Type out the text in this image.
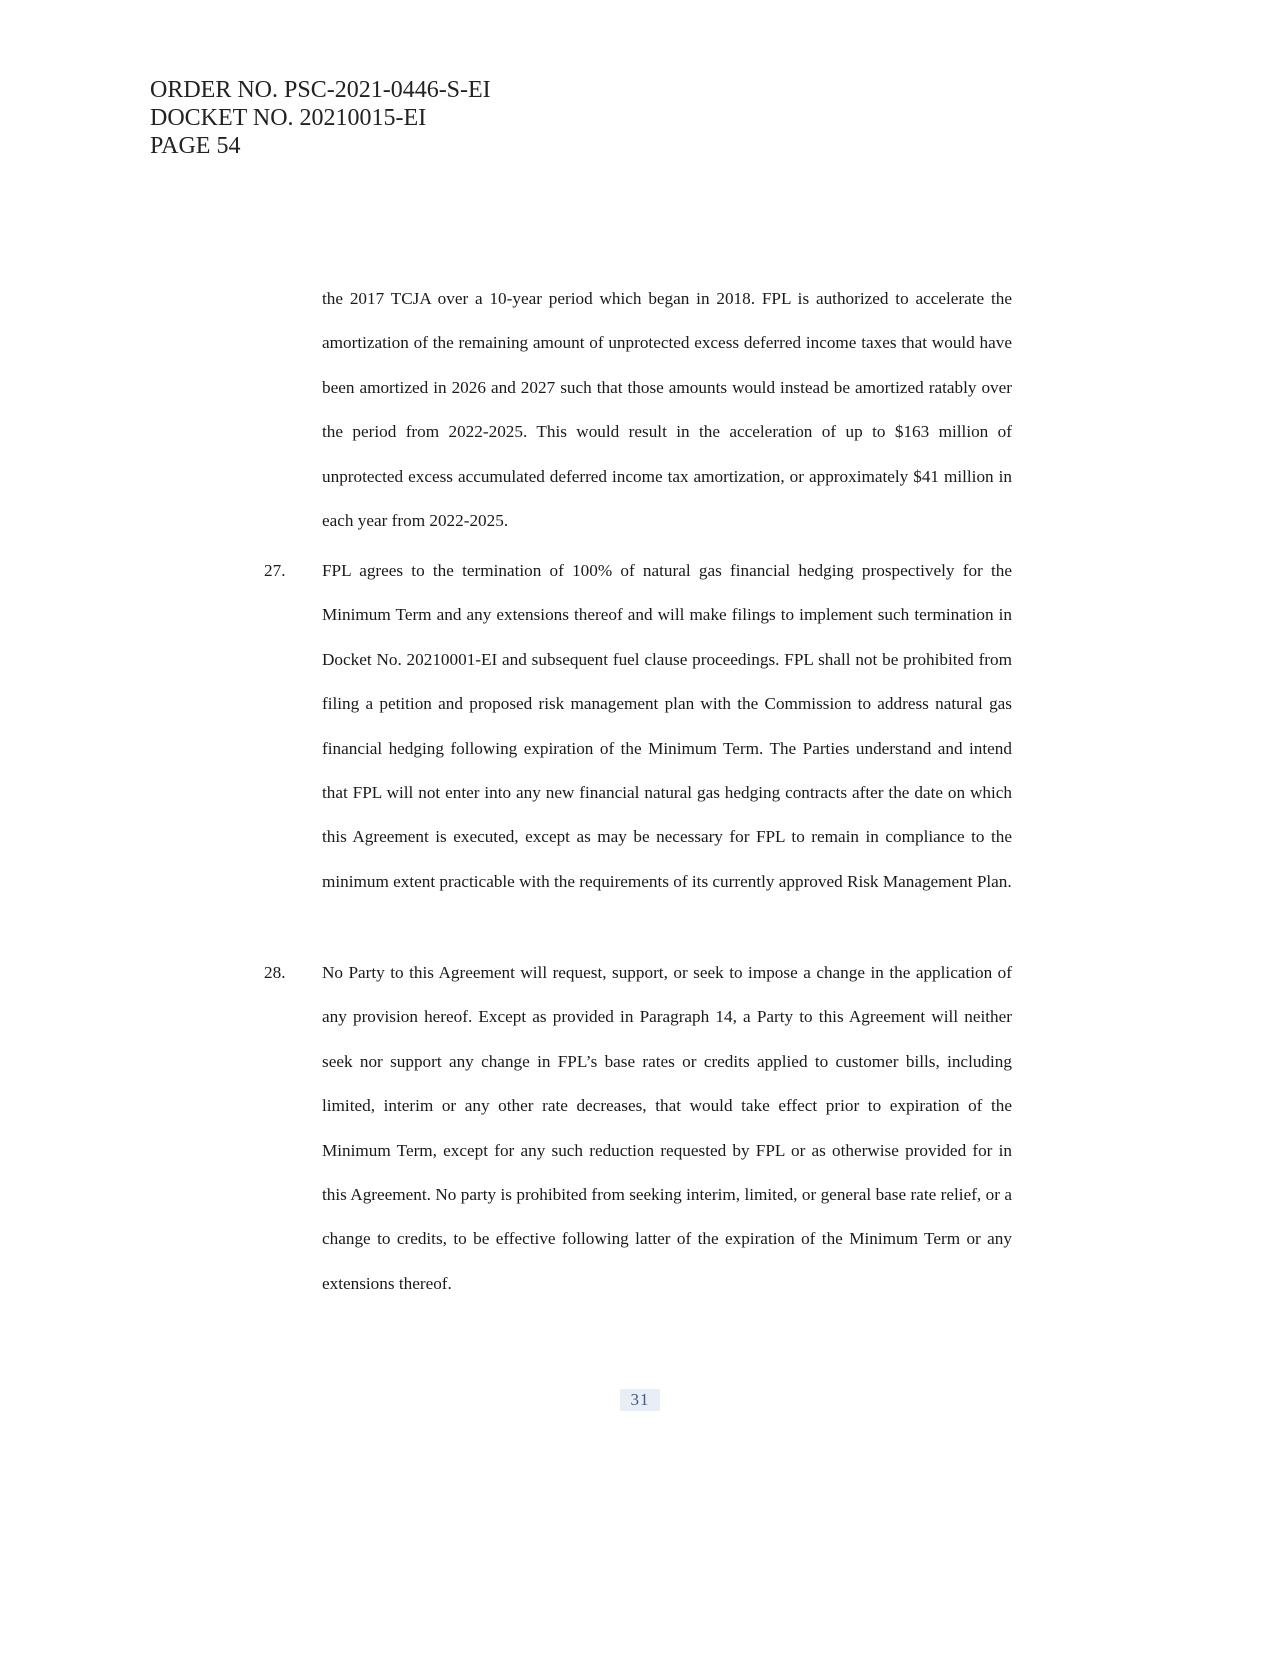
ORDER NO. PSC-2021-0446-S-EI
DOCKET NO. 20210015-EI
PAGE 54
the 2017 TCJA over a 10-year period which began in 2018. FPL is authorized to accelerate the amortization of the remaining amount of unprotected excess deferred income taxes that would have been amortized in 2026 and 2027 such that those amounts would instead be amortized ratably over the period from 2022-2025. This would result in the acceleration of up to $163 million of unprotected excess accumulated deferred income tax amortization, or approximately $41 million in each year from 2022-2025.
27. FPL agrees to the termination of 100% of natural gas financial hedging prospectively for the Minimum Term and any extensions thereof and will make filings to implement such termination in Docket No. 20210001-EI and subsequent fuel clause proceedings. FPL shall not be prohibited from filing a petition and proposed risk management plan with the Commission to address natural gas financial hedging following expiration of the Minimum Term. The Parties understand and intend that FPL will not enter into any new financial natural gas hedging contracts after the date on which this Agreement is executed, except as may be necessary for FPL to remain in compliance to the minimum extent practicable with the requirements of its currently approved Risk Management Plan.
28. No Party to this Agreement will request, support, or seek to impose a change in the application of any provision hereof. Except as provided in Paragraph 14, a Party to this Agreement will neither seek nor support any change in FPL’s base rates or credits applied to customer bills, including limited, interim or any other rate decreases, that would take effect prior to expiration of the Minimum Term, except for any such reduction requested by FPL or as otherwise provided for in this Agreement. No party is prohibited from seeking interim, limited, or general base rate relief, or a change to credits, to be effective following latter of the expiration of the Minimum Term or any extensions thereof.
31
